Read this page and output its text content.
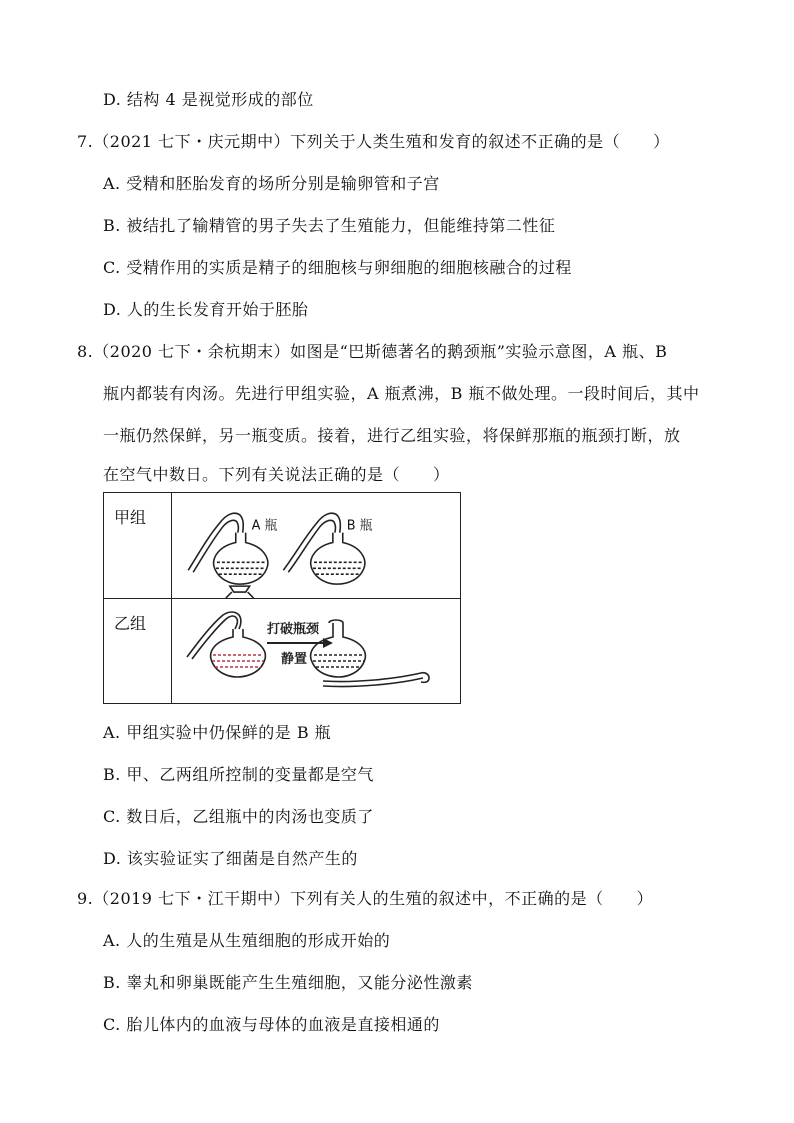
D. 结构 4 是视觉形成的部位
7.（2021 七下・庆元期中）下列关于人类生殖和发育的叙述不正确的是（　　）
A. 受精和胚胎发育的场所分别是输卵管和子宫
B. 被结扎了输精管的男子失去了生殖能力，但能维持第二性征
C. 受精作用的实质是精子的细胞核与卵细胞的细胞核融合的过程
D. 人的生长发育开始于胚胎
8.（2020 七下・余杭期末）如图是“巴斯德著名的鹅颈瓶”实验示意图，A 瓶、B
瓶内都装有肉汤。先进行甲组实验，A 瓶煮沸，B 瓶不做处理。一段时间后，其中
一瓶仍然保鲜，另一瓶变质。接着，进行乙组实验，将保鲜那瓶的瓶颈打断，放
在空气中数日。下列有关说法正确的是（　　）
甲组	A 瓶	B 瓶
乙组	打破瓶颈
静置
A. 甲组实验中仍保鲜的是 B 瓶
B. 甲、乙两组所控制的变量都是空气
C. 数日后，乙组瓶中的肉汤也变质了
D. 该实验证实了细菌是自然产生的
9.（2019 七下・江干期中）下列有关人的生殖的叙述中，不正确的是（　　）
A. 人的生殖是从生殖细胞的形成开始的
B. 睾丸和卵巢既能产生生殖细胞，又能分泌性激素
C. 胎儿体内的血液与母体的血液是直接相通的
